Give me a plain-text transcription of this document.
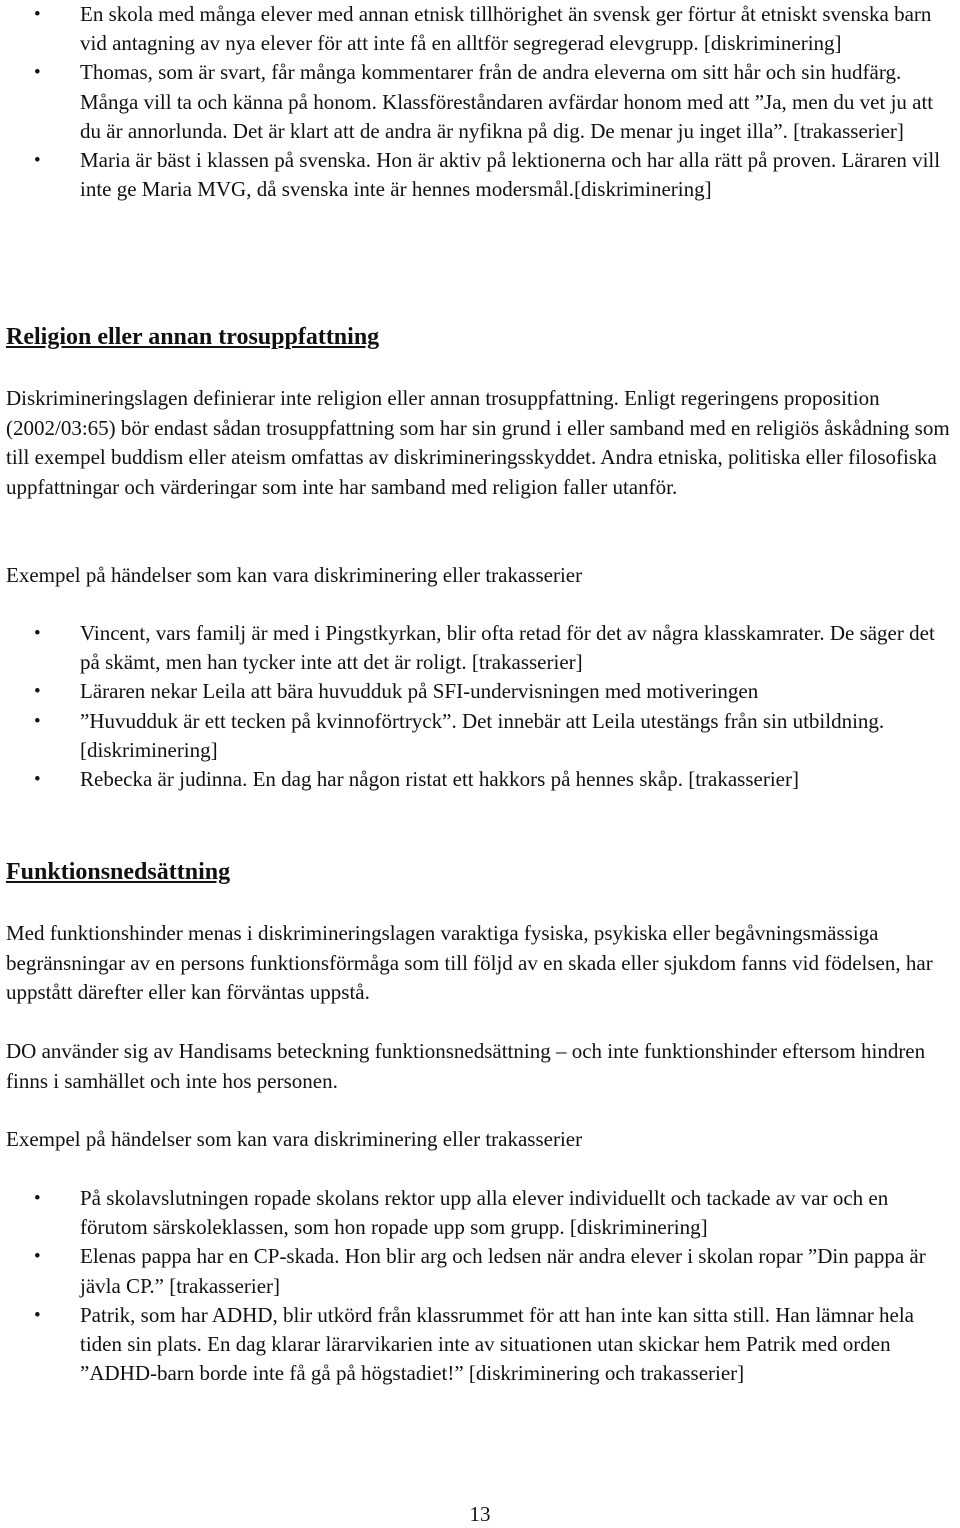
• En skola med många elever med annan etnisk tillhörighet än svensk ger förtur åt etniskt svenska barn vid antagning av nya elever för att inte få en alltför segregerad elevgrupp. [diskriminering]
• Thomas, som är svart, får många kommentarer från de andra eleverna om sitt hår och sin hudfärg. Många vill ta och känna på honom. Klassföreståndaren avfärdar honom med att ”Ja, men du vet ju att du är annorlunda. Det är klart att de andra är nyfikna på dig. De menar ju inget illa”. [trakasserier]
• Maria är bäst i klassen på svenska. Hon är aktiv på lektionerna och har alla rätt på proven. Läraren vill inte ge Maria MVG, då svenska inte är hennes modersmål.[diskriminering]
Religion eller annan trosuppfattning

Diskrimineringslagen definierar inte religion eller annan trosuppfattning. Enligt regeringens proposition (2002/03:65) bör endast sådan trosuppfattning som har sin grund i eller samband med en religiös åskådning som till exempel buddism eller ateism omfattas av diskrimineringsskyddet. Andra etniska, politiska eller filosofiska uppfattningar och värderingar som inte har samband med religion faller utanför.

Exempel på händelser som kan vara diskriminering eller trakasserier

• Vincent, vars familj är med i Pingstkyrkan, blir ofta retad för det av några klasskamrater. De säger det på skämt, men han tycker inte att det är roligt. [trakasserier]
• Läraren nekar Leila att bära huvudduk på SFI-undervisningen med motiveringen
• ”Huvudduk är ett tecken på kvinnoförtryck”. Det innebär att Leila utestängs från sin utbildning. [diskriminering]
• Rebecka är judinna. En dag har någon ristat ett hakkors på hennes skåp. [trakasserier]
Funktionsnedsättning

Med funktionshinder menas i diskrimineringslagen varaktiga fysiska, psykiska eller begåvningsmässiga begränsningar av en persons funktionsförmåga som till följd av en skada eller sjukdom fanns vid födelsen, har uppstått därefter eller kan förväntas uppstå.

DO använder sig av Handisams beteckning funktionsnedsättning – och inte funktionshinder eftersom hindren finns i samhället och inte hos personen.

Exempel på händelser som kan vara diskriminering eller trakasserier

• På skolavslutningen ropade skolans rektor upp alla elever individuellt och tackade av var och en förutom särskoleklassen, som hon ropade upp som grupp. [diskriminering]
• Elenas pappa har en CP-skada. Hon blir arg och ledsen när andra elever i skolan ropar ”Din pappa är jävla CP.” [trakasserier]
• Patrik, som har ADHD, blir utkörd från klassrummet för att han inte kan sitta still. Han lämnar hela tiden sin plats. En dag klarar lärarvikarien inte av situationen utan skickar hem Patrik med orden ”ADHD-barn borde inte få gå på högstadiet!” [diskriminering och trakasserier]
13
